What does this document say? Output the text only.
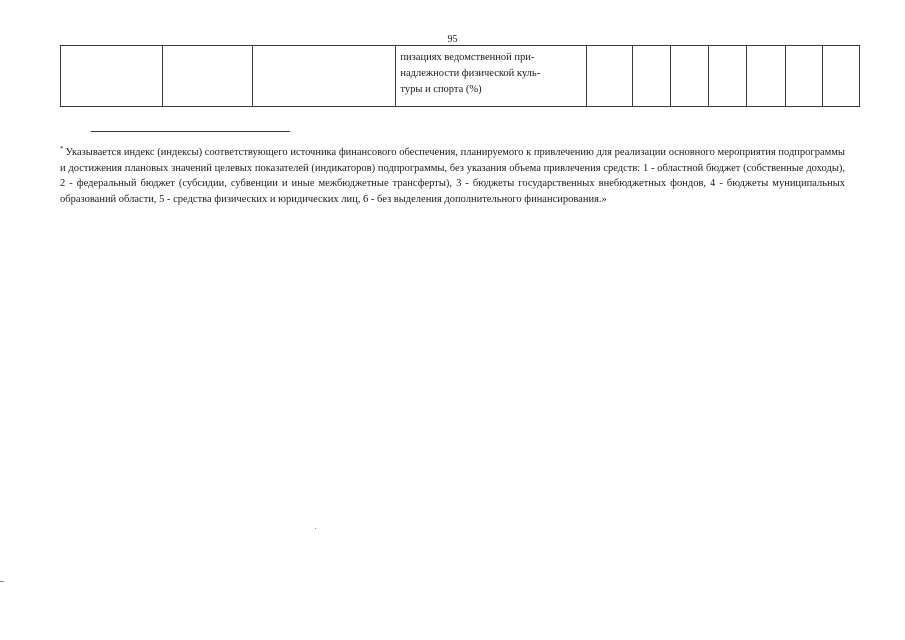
95

пизациях ведомственной при-
надлежности физической куль-
туры и спорта (%)

* Указывается индекс (индексы) соответствующего источника финансового обеспечения, планируемого к привлечению для реализации основного мероприятия подпрограммы и достижения плановых значений целевых показателей (индикаторов) подпрограммы, без указания объема привлечения средств: 1 - областной бюджет (собственные доходы), 2 - федеральный бюджет (субсидии, субвенции и иные межбюджетные трансферты), 3 - бюджеты государственных внебюджетных фондов, 4 - бюджеты муниципальных образований области, 5 - средства физических и юридических лиц, 6 - без выделения дополнительного финансирования.»
